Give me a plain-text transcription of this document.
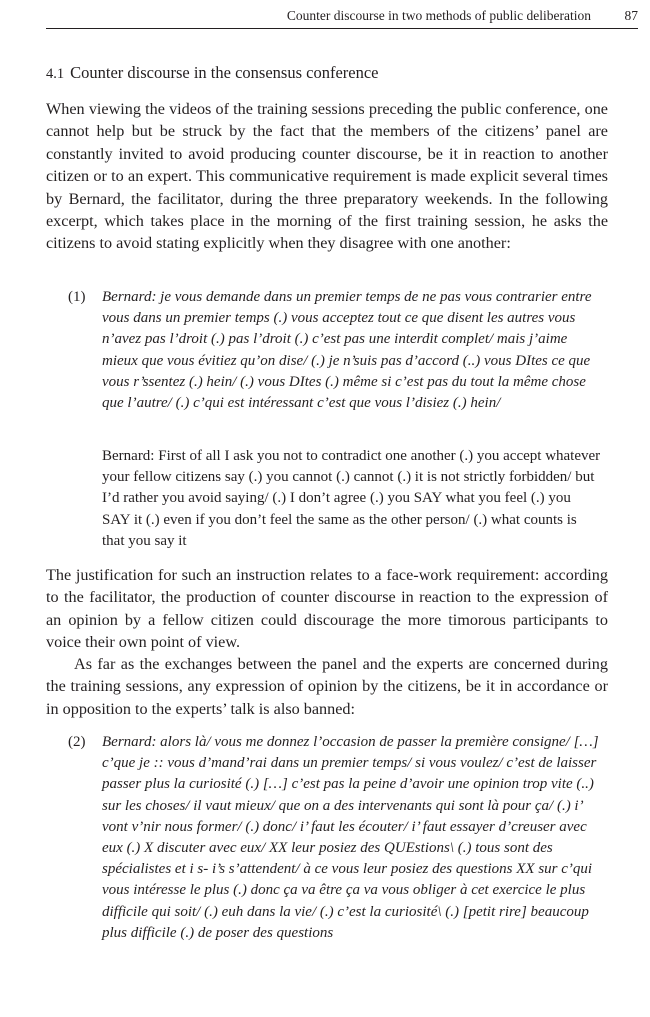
Counter discourse in two methods of public deliberation 87
4.1 Counter discourse in the consensus conference

When viewing the videos of the training sessions preceding the public conference, one cannot help but be struck by the fact that the members of the citizens’ panel are constantly invited to avoid producing counter discourse, be it in reaction to another citizen or to an expert. This communicative requirement is made explicit several times by Bernard, the facilitator, during the three preparatory weekends. In the following excerpt, which takes place in the morning of the first training session, he asks the citizens to avoid stating explicitly when they disagree with one another:

(1) Bernard: je vous demande dans un premier temps de ne pas vous contrarier entre vous dans un premier temps (.) vous acceptez tout ce que disent les autres vous n’avez pas l’droit (.) pas l’droit (.) c’est pas une interdit complet/ mais j’aime mieux que vous évitiez qu’on dise/ (.) je n’suis pas d’accord (..) vous DItes ce que vous r’ssentez (.) hein/ (.) vous DItes (.) même si c’est pas du tout la même chose que l’autre/ (.) c’qui est intéressant c’est que vous l’disiez (.) hein/
Bernard: First of all I ask you not to contradict one another (.) you accept whatever your fellow citizens say (.) you cannot (.) cannot (.) it is not strictly forbidden/ but I’d rather you avoid saying/ (.) I don’t agree (.) you SAY what you feel (.) you SAY it (.) even if you don’t feel the same as the other person/ (.) what counts is that you say it

The justification for such an instruction relates to a face-work requirement: according to the facilitator, the production of counter discourse in reaction to the expression of an opinion by a fellow citizen could discourage the more timorous participants to voice their own point of view.

As far as the exchanges between the panel and the experts are concerned during the training sessions, any expression of opinion by the citizens, be it in accordance or in opposition to the experts’ talk is also banned:

(2) Bernard: alors là/ vous me donnez l’occasion de passer la première consigne/ […] c’que je :: vous d’mand’rai dans un premier temps/ si vous voulez/ c’est de laisser passer plus la curiosité (.) […] c’est pas la peine d’avoir une opinion trop vite (..) sur les choses/ il vaut mieux/ que on a des intervenants qui sont là pour ça/ (.) i’ vont v’nir nous former/ (.) donc/ i’ faut les écouter/ i’ faut essayer d’creuser avec eux (.) X discuter avec eux/ XX leur posiez des QUEstions\ (.) tous sont des spécialistes et i s- i’s s’attendent/ à ce vous leur posiez des questions XX sur c’qui vous intéresse le plus (.) donc ça va être ça va vous obliger à cet exercice le plus difficile qui soit/ (.) euh dans la vie/ (.) c’est la curiosité\ (.) [petit rire] beaucoup plus difficile (.) de poser des questions
